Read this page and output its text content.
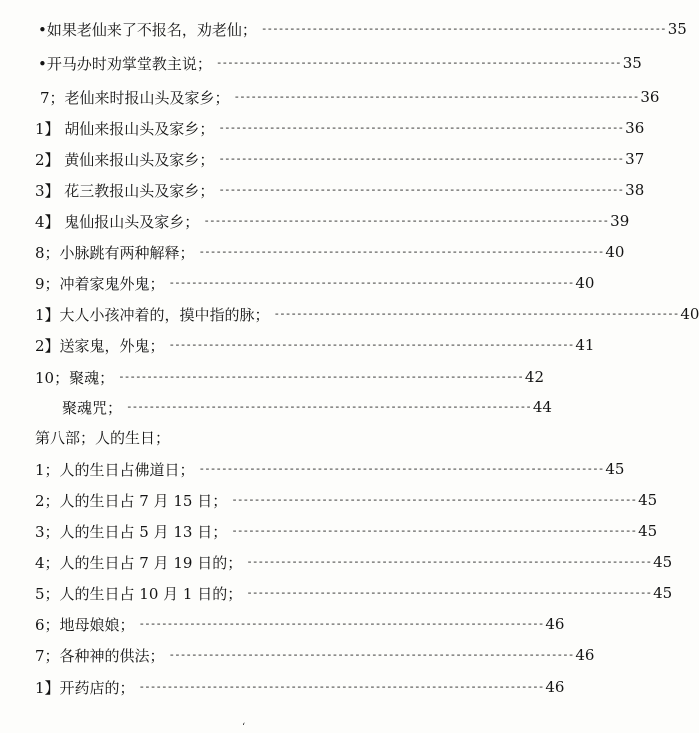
•如果老仙来了不报名，劝老仙； ------------------------------------------------------------------------ 35
•开马办时劝掌堂教主说； ------------------------------------------------------------------------ 35
7；老仙来时报山头及家乡； ------------------------------------------------------------------------ 36
1】 胡仙来报山头及家乡； ------------------------------------------------------------------------ 36
2】 黄仙来报山头及家乡； ------------------------------------------------------------------------ 37
3】 花三教报山头及家乡； ------------------------------------------------------------------------ 38
4】 鬼仙报山头及家乡； ------------------------------------------------------------------------ 39
8；小脉跳有两种解释； ------------------------------------------------------------------------ 40
9；冲着家鬼外鬼； ------------------------------------------------------------------------ 40
1】大人小孩冲着的，摸中指的脉； ------------------------------------------------------------------------ 40
2】送家鬼，外鬼； ------------------------------------------------------------------------ 41
10；聚魂； ------------------------------------------------------------------------ 42
聚魂咒； ------------------------------------------------------------------------ 44
第八部；人的生日；
1；人的生日占佛道日； ------------------------------------------------------------------------ 45
2；人的生日占 7 月 15 日； ------------------------------------------------------------------------ 45
3；人的生日占 5 月 13 日； ------------------------------------------------------------------------ 45
4；人的生日占 7 月 19 日的； ------------------------------------------------------------------------ 45
5；人的生日占 10 月 1 日的； ------------------------------------------------------------------------ 45
6；地母娘娘； ------------------------------------------------------------------------ 46
7；各种神的供法； ------------------------------------------------------------------------ 46
1】开药店的； ------------------------------------------------------------------------ 46
‘
